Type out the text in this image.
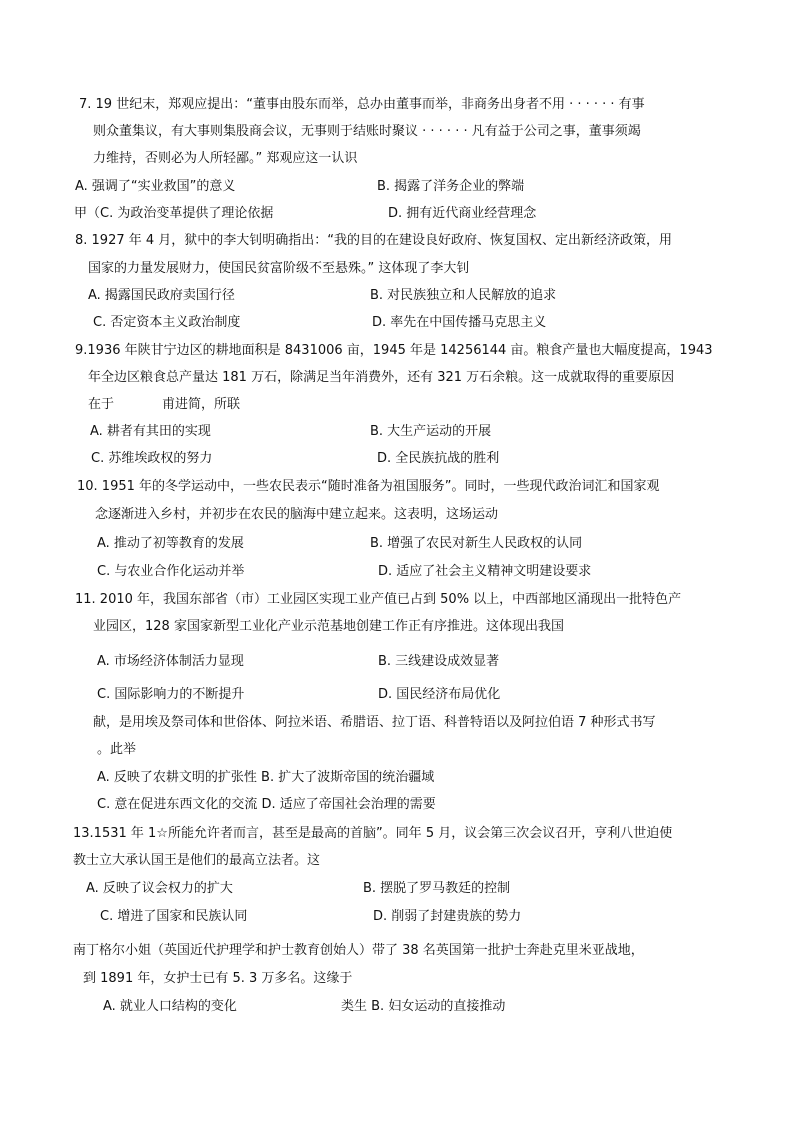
7. 19 世纪末，郑观应提出：“董事由股东而举，总办由董事而举，非商务出身者不用 · · · · · · 有事
则众董集议，有大事则集股商会议，无事则于结账时聚议 · · · · · · 凡有益于公司之事，董事须竭
力维持，否则必为人所轻鄙。” 郑观应这一认识
A. 强调了“实业救国”的意义	B. 揭露了洋务企业的弊端
甲（C. 为政治变革提供了理论依据	D. 拥有近代商业经营理念
8. 1927 年 4 月，狱中的李大钊明确指出：“我的目的在建设良好政府、恢复国权、定出新经济政策，用
国家的力量发展财力，使国民贫富阶级不至悬殊。” 这体现了李大钊
A. 揭露国民政府卖国行径	B. 对民族独立和人民解放的追求
C. 否定资本主义政治制度	D. 率先在中国传播马克思主义
9.1936 年陕甘宁边区的耕地面积是 8431006 亩，1945 年是 14256144 亩。粮食产量也大幅度提高，1943
年全边区粮食总产量达 181 万石，除满足当年消费外，还有 321 万石余粮。这一成就取得的重要原因
在于	甫进简，所联
A. 耕者有其田的实现	B. 大生产运动的开展
C. 苏维埃政权的努力	D. 全民族抗战的胜利
10. 1951 年的冬学运动中，一些农民表示“随时准备为祖国服务”。同时，一些现代政治词汇和国家观
念逐渐进入乡村，并初步在农民的脑海中建立起来。这表明，这场运动
A. 推动了初等教育的发展	B. 增强了农民对新生人民政权的认同
C. 与农业合作化运动并举	D. 适应了社会主义精神文明建设要求
11. 2010 年，我国东部省（市）工业园区实现工业产值已占到 50% 以上，中西部地区涌现出一批特色产
业园区，128 家国家新型工业化产业示范基地创建工作正有序推进。这体现出我国
A. 市场经济体制活力显现	B. 三线建设成效显著
C. 国际影响力的不断提升	D. 国民经济布局优化
献，是用埃及祭司体和世俗体、阿拉米语、希腊语、拉丁语、科普特语以及阿拉伯语 7 种形式书写
。此举
A. 反映了农耕文明的扩张性 B. 扩大了波斯帝国的统治疆域
C. 意在促进东西文化的交流 D. 适应了帝国社会治理的需要
13.1531 年 1☆所能允许者而言，甚至是最高的首脑”。同年 5 月，议会第三次会议召开，亨利八世迫使
教士立大承认国王是他们的最高立法者。这
A. 反映了议会权力的扩大	B. 摆脱了罗马教廷的控制
C. 增进了国家和民族认同	D. 削弱了封建贵族的势力
南丁格尔小姐（英国近代护理学和护士教育创始人）带了 38 名英国第一批护士奔赴克里米亚战地，
到 1891 年，女护士已有 5. 3 万多名。这缘于
A. 就业人口结构的变化	类生 B. 妇女运动的直接推动
